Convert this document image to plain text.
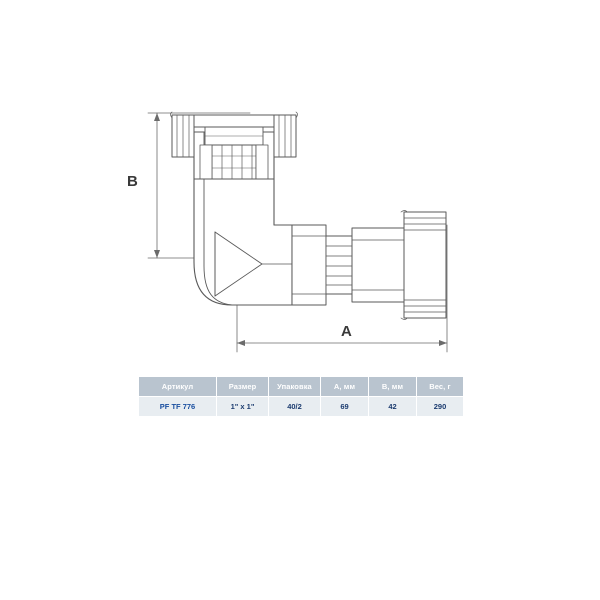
B
A
Артикул	Размер	Упаковка	A, мм	B, мм	Вес, г
PF TF 776	1" x 1"	40/2	69	42	290
